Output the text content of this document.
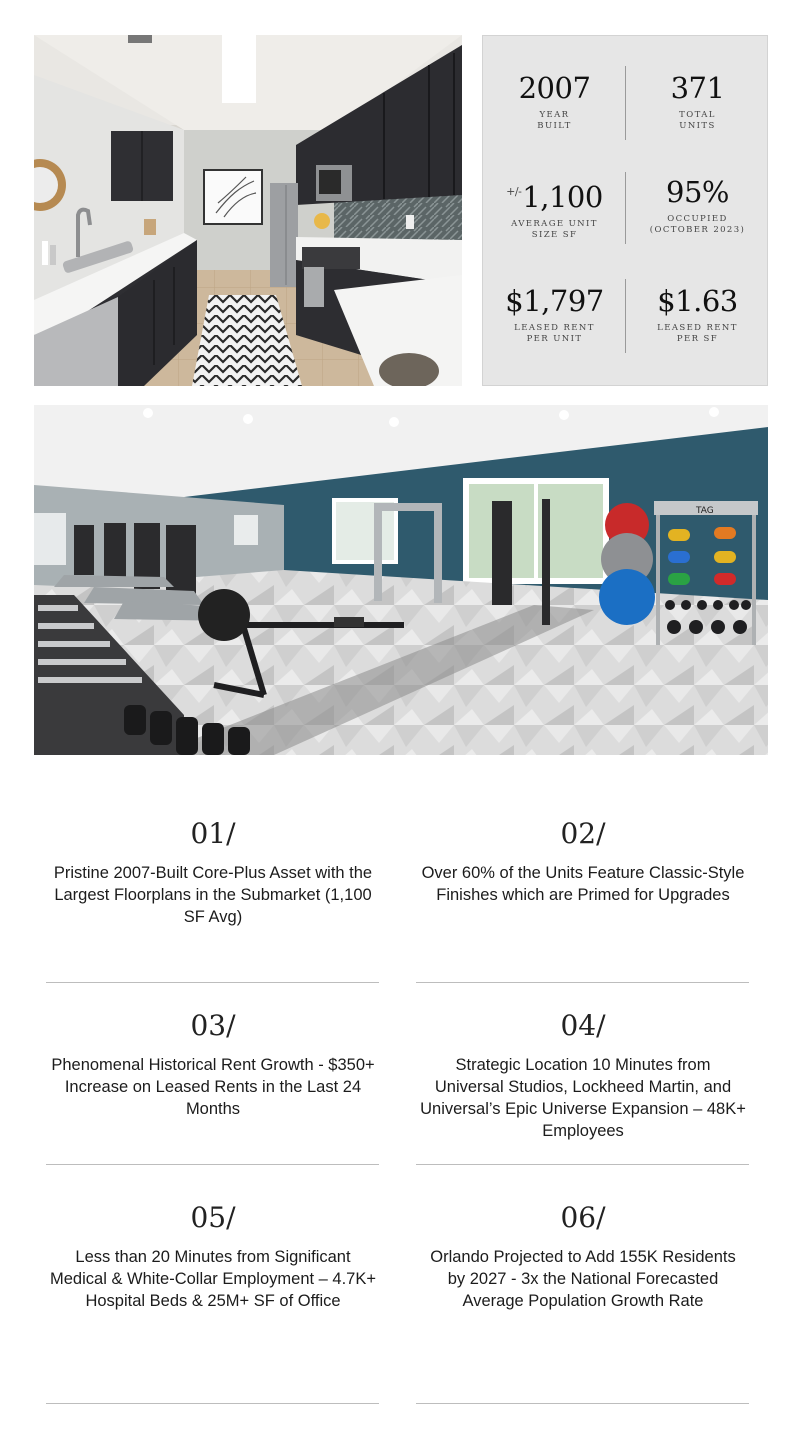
2007
YEAR
BUILT
371
TOTAL
UNITS
+/-1,100
AVERAGE UNIT
SIZE SF
95%
OCCUPIED
(OCTOBER 2023)
$1,797
LEASED RENT
PER UNIT
$1.63
LEASED RENT
PER SF
TAG
01/
Pristine 2007-Built Core-Plus Asset with the Largest Floorplans in the Submarket (1,100 SF Avg)
02/
Over 60% of the Units Feature Classic-Style Finishes which are Primed for Upgrades
03/
Phenomenal Historical Rent Growth - $350+ Increase on Leased Rents in the Last 24 Months
04/
Strategic Location 10 Minutes from Universal Studios, Lockheed Martin, and Universal’s Epic Universe Expansion – 48K+ Employees
05/
Less than 20 Minutes from Significant Medical & White-Collar Employment – 4.7K+ Hospital Beds & 25M+ SF of Office
06/
Orlando Projected to Add 155K Residents by 2027 - 3x the National Forecasted Average Population Growth Rate
